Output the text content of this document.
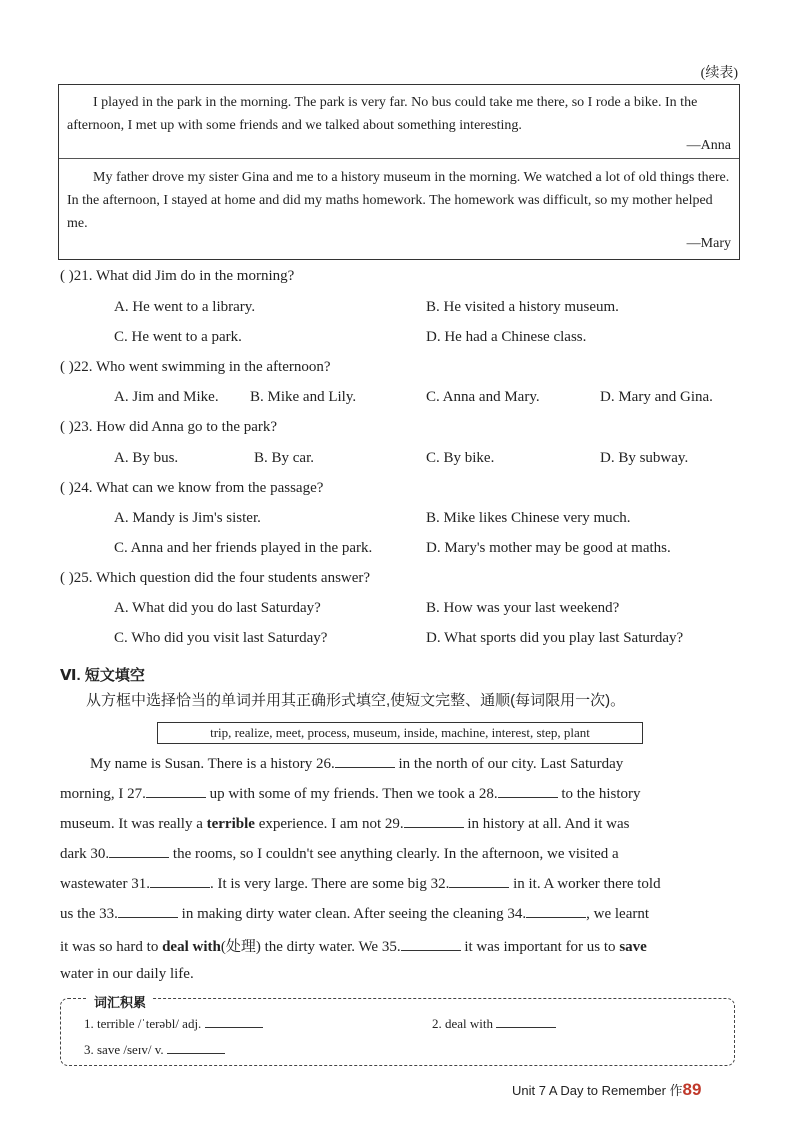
(续表)
I played in the park in the morning. The park is very far. No bus could take me there, so I rode a bike. In the afternoon, I met up with some friends and we talked about something interesting.
—Anna
My father drove my sister Gina and me to a history museum in the morning. We watched a lot of old things there. In the afternoon, I stayed at home and did my maths homework. The homework was difficult, so my mother helped me.
—Mary
( )21. What did Jim do in the morning?
A. He went to a library.	B. He visited a history museum.
C. He went to a park.	D. He had a Chinese class.
( )22. Who went swimming in the afternoon?
A. Jim and Mike. B. Mike and Lily.	C. Anna and Mary.	D. Mary and Gina.
( )23. How did Anna go to the park?
A. By bus.	B. By car.	C. By bike.	D. By subway.
( )24. What can we know from the passage?
A. Mandy is Jim's sister.	B. Mike likes Chinese very much.
C. Anna and her friends played in the park.	D. Mary's mother may be good at maths.
( )25. Which question did the four students answer?
A. What did you do last Saturday?	B. How was your last weekend?
C. Who did you visit last Saturday?	D. What sports did you play last Saturday?
Ⅵ. 短文填空
从方框中选择恰当的单词并用其正确形式填空,使短文完整、通顺(每词限用一次)。
trip, realize, meet, process, museum, inside, machine, interest, step, plant
My name is Susan. There is a history 26.	in the north of our city. Last Saturday
morning, I 27.	up with some of my friends. Then we took a 28.	to the history
museum. It was really a terrible experience. I am not 29.	in history at all. And it was
dark 30.	the rooms, so I couldn't see anything clearly. In the afternoon, we visited a
wastewater 31.	. It is very large. There are some big 32.	in it. A worker there told
us the 33.	in making dirty water clean. After seeing the cleaning 34.	, we learnt
it was so hard to deal with(处理) the dirty water. We 35.	it was important for us to save
water in our daily life.
词汇积累
1. terrible /ˈterəbl/ adj.	2. deal with
3. save /seɪv/ v.
Unit 7 A Day to Remember 作89
